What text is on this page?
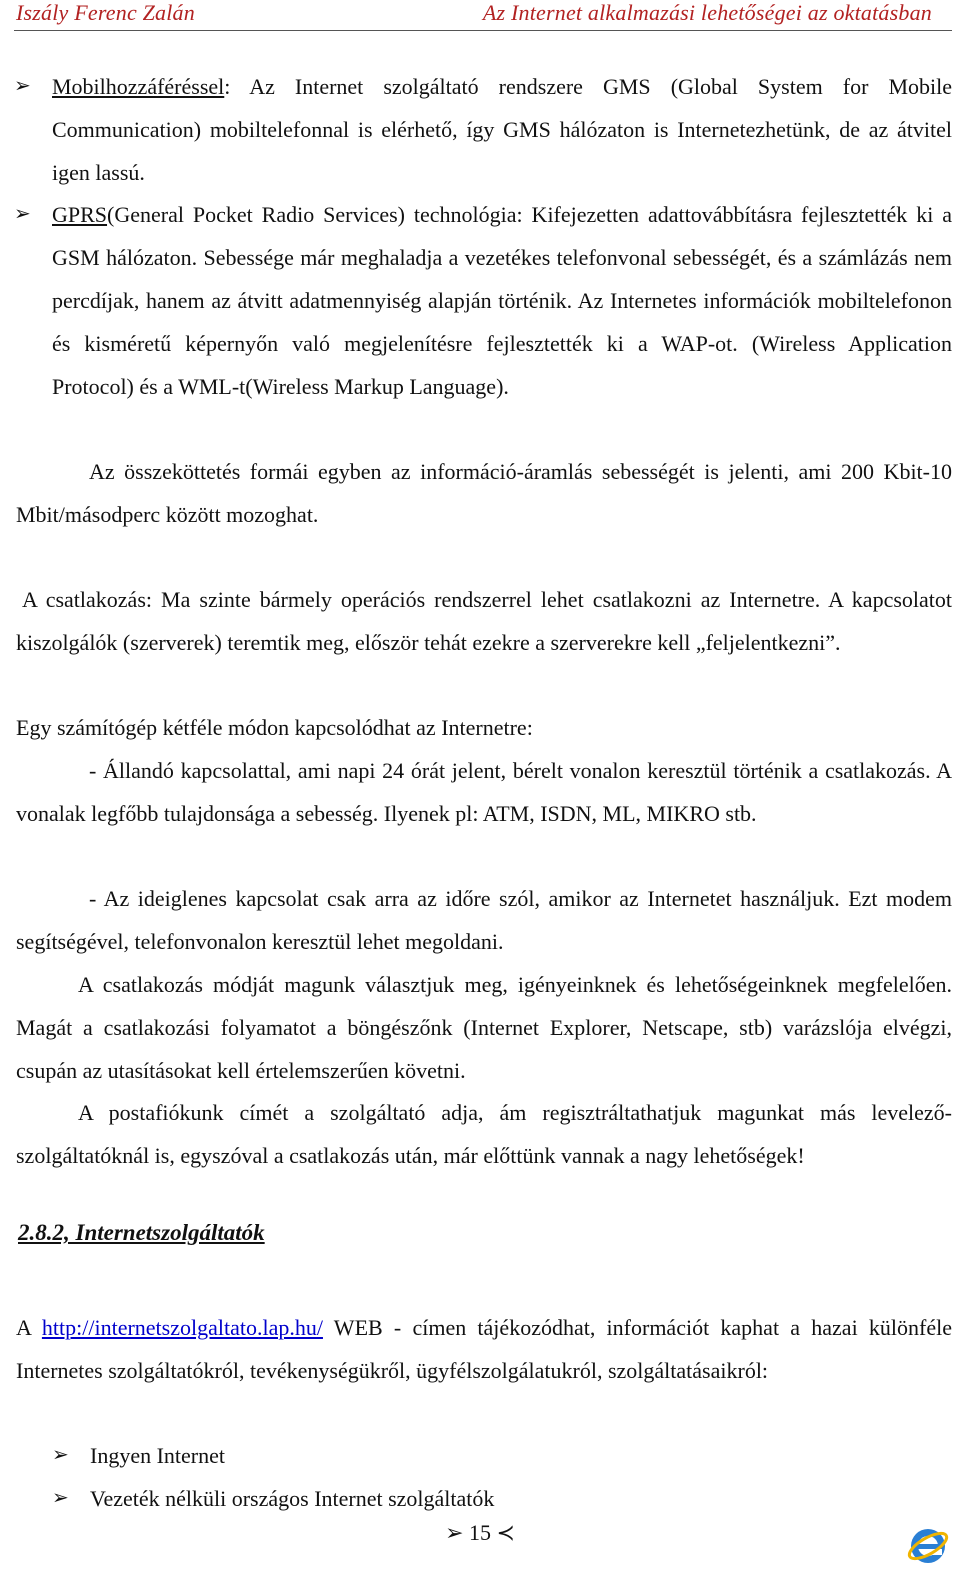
Iszály Ferenc Zalán	Az Internet alkalmazási lehetőségei az oktatásban
➢ Mobilhozzáféréssel: Az Internet szolgáltató rendszere GMS (Global System for Mobile Communication) mobiltelefonnal is elérhető, így GMS hálózaton is Internetezhetünk, de az átvitel igen lassú.
➢ GPRS(General Pocket Radio Services) technológia: Kifejezetten adattovábbításra fejlesztették ki a GSM hálózaton. Sebessége már meghaladja a vezetékes telefonvonal sebességét, és a számlázás nem percdíjak, hanem az átvitt adatmennyiség alapján történik. Az Internetes információk mobiltelefonon és kisméretű képernyőn való megjelenítésre fejlesztették ki a WAP-ot. (Wireless Application Protocol) és a WML-t(Wireless Markup Language).

Az összeköttetés formái egyben az információ-áramlás sebességét is jelenti, ami 200 Kbit-10 Mbit/másodperc között mozoghat.

A csatlakozás: Ma szinte bármely operációs rendszerrel lehet csatlakozni az Internetre. A kapcsolatot kiszolgálók (szerverek) teremtik meg, először tehát ezekre a szerverekre kell „feljelentkezni”.

Egy számítógép kétféle módon kapcsolódhat az Internetre:

- Állandó kapcsolattal, ami napi 24 órát jelent, bérelt vonalon keresztül történik a csatlakozás. A vonalak legfőbb tulajdonsága a sebesség. Ilyenek pl: ATM, ISDN, ML, MIKRO stb.

- Az ideiglenes kapcsolat csak arra az időre szól, amikor az Internetet használjuk. Ezt modem segítségével, telefonvonalon keresztül lehet megoldani.

A csatlakozás módját magunk választjuk meg, igényeinknek és lehetőségeinknek megfelelően. Magát a csatlakozási folyamatot a böngészőnk (Internet Explorer, Netscape, stb) varázslója elvégzi, csupán az utasításokat kell értelemszerűen követni.

A postafiókunk címét a szolgáltató adja, ám regisztráltathatjuk magunkat más levelező-szolgáltatóknál is, egyszóval a csatlakozás után, már előttünk vannak a nagy lehetőségek!

2.8.2, Internetszolgáltatók

A http://internetszolgaltato.lap.hu/ WEB - címen tájékozódhat, információt kaphat a hazai különféle Internetes szolgáltatókról, tevékenységükről, ügyfélszolgálatukról, szolgáltatásaikról:

➢ Ingyen Internet
➢ Vezeték nélküli országos Internet szolgáltatók
➢ 15 ≺
